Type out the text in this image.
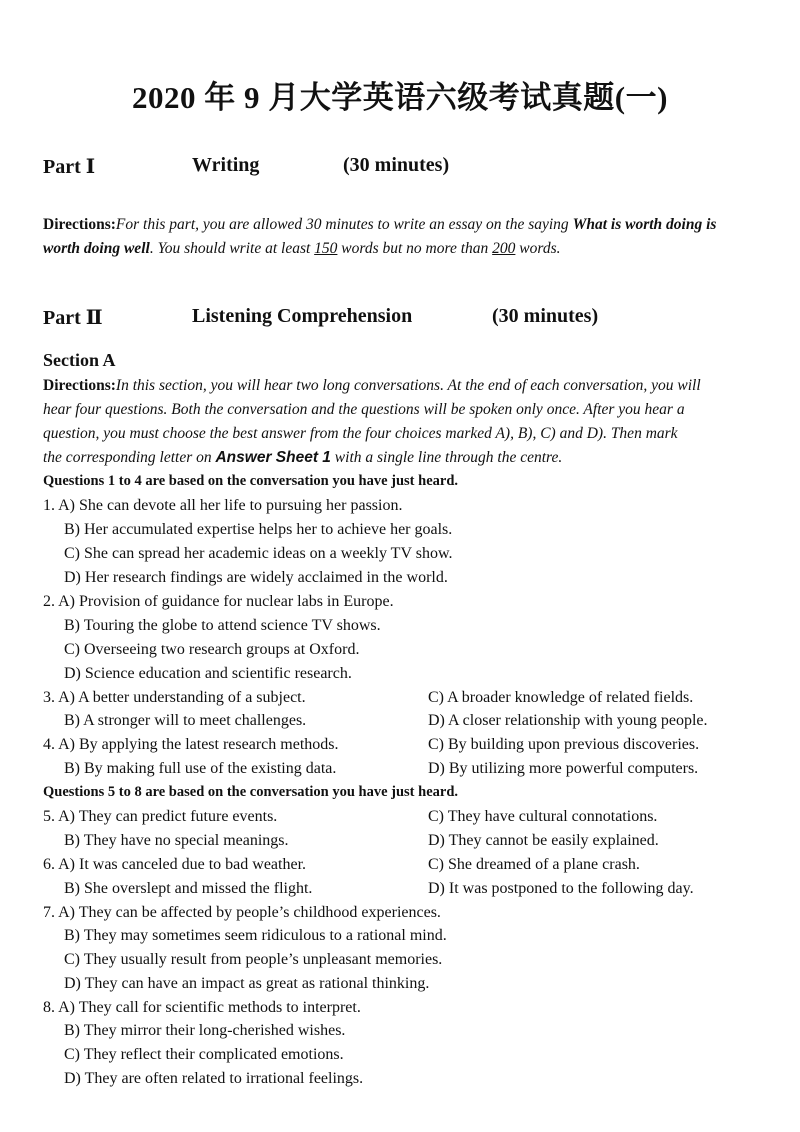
2020 年 9 月大学英语六级考试真题(一)
Part Ⅰ	Writing	(30 minutes)
Directions:For this part, you are allowed 30 minutes to write an essay on the saying What is worth doing is
worth doing well. You should write at least 150 words but no more than 200 words.
Part Ⅱ	Listening Comprehension	(30 minutes)
Section A
Directions:In this section, you will hear two long conversations. At the end of each conversation, you will
hear four questions. Both the conversation and the questions will be spoken only once. After you hear a
question, you must choose the best answer from the four choices marked A), B), C) and D). Then mark
the corresponding letter on Answer Sheet 1 with a single line through the centre.
Questions 1 to 4 are based on the conversation you have just heard.
1. A) She can devote all her life to pursuing her passion.
B) Her accumulated expertise helps her to achieve her goals.
C) She can spread her academic ideas on a weekly TV show.
D) Her research findings are widely acclaimed in the world.
2. A) Provision of guidance for nuclear labs in Europe.
B) Touring the globe to attend science TV shows.
C) Overseeing two research groups at Oxford.
D) Science education and scientific research.
3. A) A better understanding of a subject.	C) A broader knowledge of related fields.
B) A stronger will to meet challenges.	D) A closer relationship with young people.
4. A) By applying the latest research methods.	C) By building upon previous discoveries.
B) By making full use of the existing data.	D) By utilizing more powerful computers.
Questions 5 to 8 are based on the conversation you have just heard.
5. A) They can predict future events.	C) They have cultural connotations.
B) They have no special meanings.	D) They cannot be easily explained.
6. A) It was canceled due to bad weather.	C) She dreamed of a plane crash.
B) She overslept and missed the flight.	D) It was postponed to the following day.
7. A) They can be affected by people’s childhood experiences.
B) They may sometimes seem ridiculous to a rational mind.
C) They usually result from people’s unpleasant memories.
D) They can have an impact as great as rational thinking.
8. A) They call for scientific methods to interpret.
B) They mirror their long-cherished wishes.
C) They reflect their complicated emotions.
D) They are often related to irrational feelings.
